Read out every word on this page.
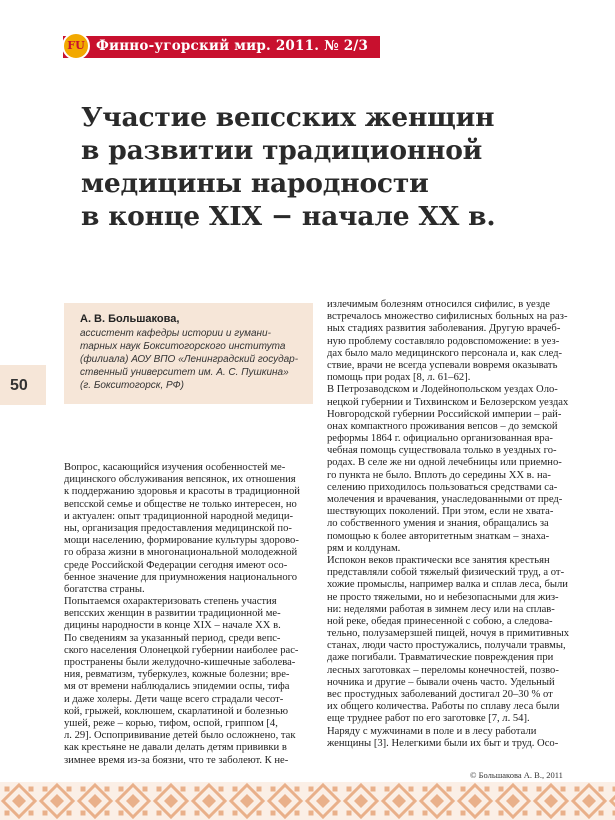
FU Финно-угорский мир. 2011. № 2/3
Участие вепсских женщин
в развитии традиционной
медицины народности
в конце XIX − начале XX в.
А. В. Большакова,
ассистент кафедры истории и гумани-
тарных наук Бокситогорского института
(филиала) АОУ ВПО «Ленинградский государ-
ственный университет им. А. С. Пушкина»
(г. Бокситогорск, РФ)
50
Вопрос, касающийся изучения особенностей ме-
дицинского обслуживания вепсянок, их отношения
к поддержанию здоровья и красоты в традиционной
вепсской семье и обществе не только интересен, но
и актуален: опыт традиционной народной медици-
ны, организация предоставления медицинской по-
мощи населению, формирование культуры здорово-
го образа жизни в многонациональной молодежной
среде Российской Федерации сегодня имеют осо-
бенное значение для приумножения национального
богатства страны.
Попытаемся охарактеризовать степень участия
вепсских женщин в развитии традиционной ме-
дицины народности в конце XIX – начале XX в.
По сведениям за указанный период, среди вепс-
ского населения Олонецкой губернии наиболее рас-
пространены были желудочно-кишечные заболева-
ния, ревматизм, туберкулез, кожные болезни; вре-
мя от времени наблюдались эпидемии оспы, тифа
и даже холеры. Дети чаще всего страдали чесот-
кой, грыжей, коклюшем, скарлатиной и болезнью
ушей, реже – корью, тифом, оспой, гриппом [4,
л. 29]. Оспопрививание детей было осложнено, так
как крестьяне не давали делать детям прививки в
зимнее время из-за боязни, что те заболеют. К не-
излечимым болезням относился сифилис, в уезде
встречалось множество сифилисных больных на раз-
ных стадиях развития заболевания. Другую врачеб-
ную проблему составляло родовспоможение: в уез-
дах было мало медицинского персонала и, как след-
ствие, врачи не всегда успевали вовремя оказывать
помощь при родах [8, л. 61–62].
В Петрозаводском и Лодейнопольском уездах Оло-
нецкой губернии и Тихвинском и Белозерском уездах
Новгородской губернии Российской империи – рай-
онах компактного проживания вепсов – до земской
реформы 1864 г. официально организованная вра-
чебная помощь существовала только в уездных го-
родах. В селе же ни одной лечебницы или приемно-
го пункта не было. Вплоть до середины XX в. на-
селению приходилось пользоваться средствами са-
молечения и врачевания, унаследованными от пред-
шествующих поколений. При этом, если не хвата-
ло собственного умения и знания, обращались за
помощью к более авторитетным знаткам – знаха-
рям и колдунам.
Испокон веков практически все занятия крестьян
представляли собой тяжелый физический труд, а от-
хожие промыслы, например валка и сплав леса, были
не просто тяжелыми, но и небезопасными для жиз-
ни: неделями работая в зимнем лесу или на сплав-
ной реке, обедая принесенной с собою, а следова-
тельно, полузамерзшей пищей, ночуя в примитивных
станах, люди часто простужались, получали травмы,
даже погибали. Травматические повреждения при
лесных заготовках – переломы конечностей, позво-
ночника и другие – бывали очень часто. Удельный
вес простудных заболеваний достигал 20–30 % от
их общего количества. Работы по сплаву леса были
еще труднее работ по его заготовке [7, л. 54].
Наряду с мужчинами в поле и в лесу работали
женщины [3]. Нелегкими были их быт и труд. Осо-
© Большакова А. В., 2011
